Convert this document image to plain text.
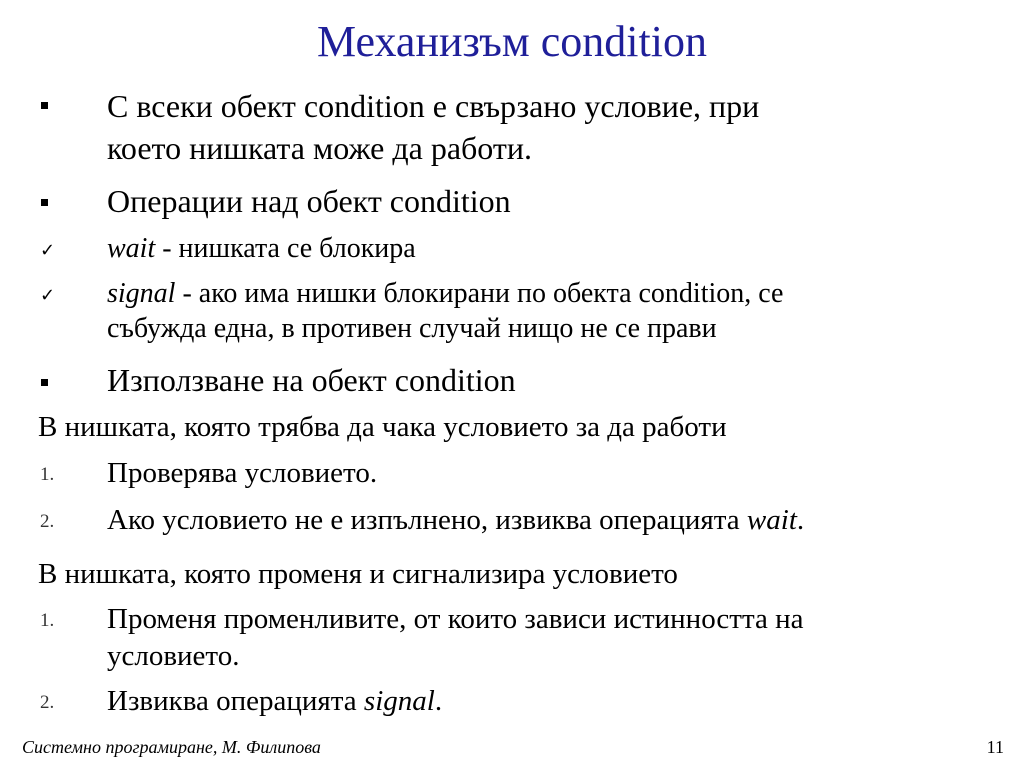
Механизъм condition
С всеки обект condition е свързано условие, при
което нишката може да работи.
Операции над обект condition
✓ wait - нишката се блокира
✓ signal - ако има нишки блокирани по обекта condition, се
събужда една, в противен случай нищо не се прави
Използване на обект condition
В нишката, която трябва да чака условието за да работи
1. Проверява условието.
2. Ако условието не е изпълнено, извиква операцията wait.
В нишката, която променя и сигнализира условието
1. Променя променливите, от които зависи истинността на
условието.
2. Извиква операцията signal.
Системно програмиране, М. Филипова	11
